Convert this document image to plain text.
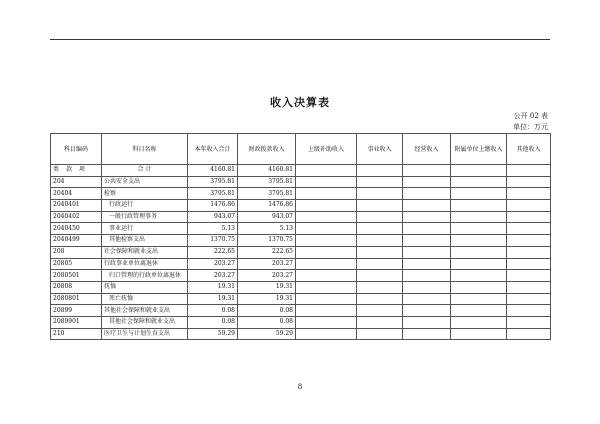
收入决算表
公开 02 表
单位：万元
科目编码	科目名称	本年收入合计	财政拨款收入	上级补助收入	事业收入	经营收入	附属单位上缴收入	其他收入
类 款 项	合 计	4160.81	4160.81					
204	公共安全支出	3795.81	3795.81					
20404	检察	3795.81	3795.81					
2040401	行政运行	1476.86	1476.86					
2040402	一般行政管理事务	943.07	943.07					
2040450	事业运行	5.13	5.13					
2040499	其他检察支出	1370.75	1370.75					
208	社会保障和就业支出	222.65	222.65					
20805	行政事业单位离退休	203.27	203.27					
2080501	归口管理的行政单位离退休	203.27	203.27					
20808	抚恤	19.31	19.31					
2080801	死亡抚恤	19.31	19.31					
20899	其他社会保障和就业支出	0.08	0.08					
2089901	其他社会保障和就业支出	0.08	0.08					
210	医疗卫生与计划生育支出	59.29	59.29					
8
